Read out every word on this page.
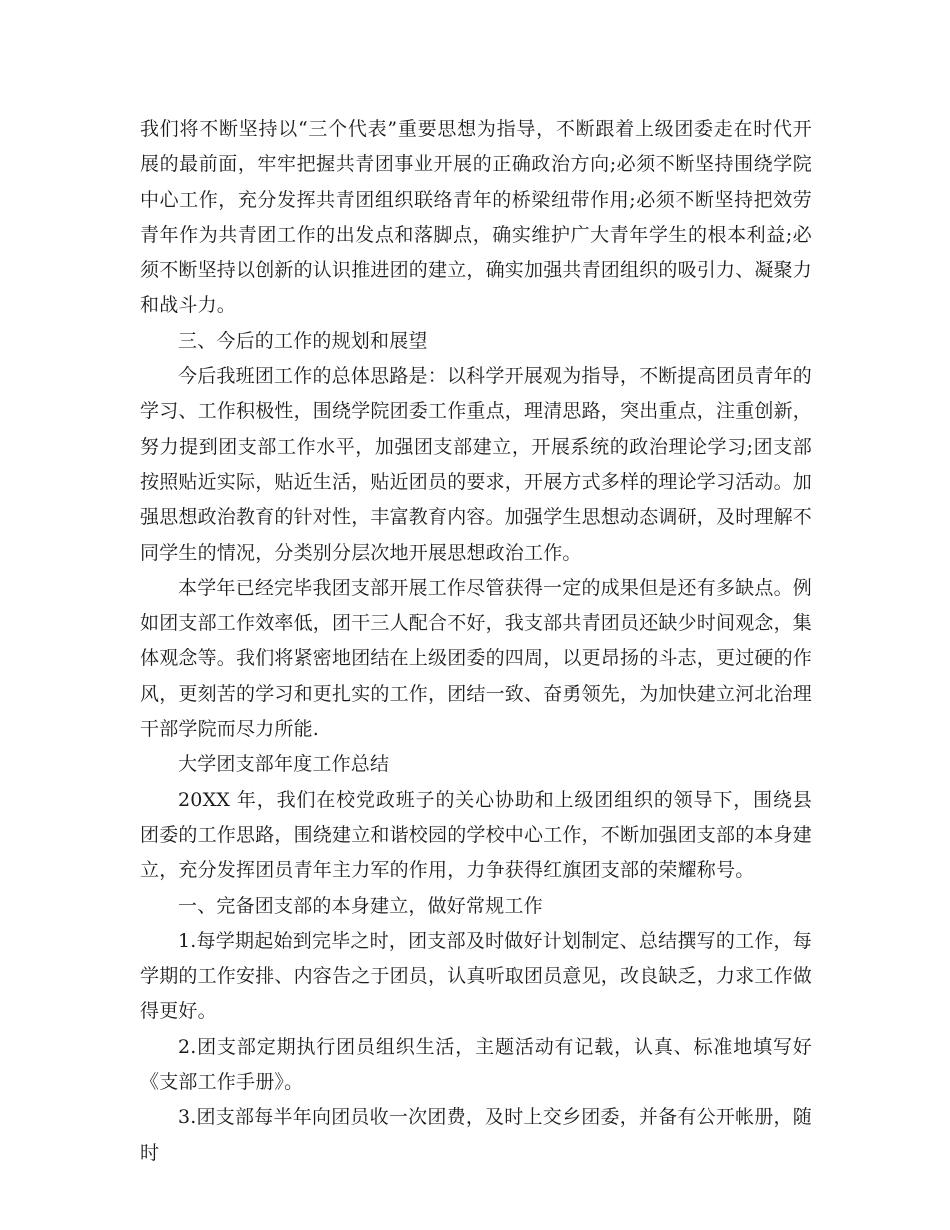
我们将不断坚持以“三个代表”重要思想为指导，不断跟着上级团委走在时代开展的最前面，牢牢把握共青团事业开展的正确政治方向;必须不断坚持围绕学院中心工作，充分发挥共青团组织联络青年的桥梁纽带作用;必须不断坚持把效劳青年作为共青团工作的出发点和落脚点，确实维护广大青年学生的根本利益;必须不断坚持以创新的认识推进团的建立，确实加强共青团组织的吸引力、凝聚力和战斗力。

三、今后的工作的规划和展望

今后我班团工作的总体思路是：以科学开展观为指导，不断提高团员青年的学习、工作积极性，围绕学院团委工作重点，理清思路，突出重点，注重创新，努力提到团支部工作水平，加强团支部建立，开展系统的政治理论学习;团支部按照贴近实际，贴近生活，贴近团员的要求，开展方式多样的理论学习活动。加强思想政治教育的针对性，丰富教育内容。加强学生思想动态调研，及时理解不同学生的情况，分类别分层次地开展思想政治工作。

本学年已经完毕我团支部开展工作尽管获得一定的成果但是还有多缺点。例如团支部工作效率低，团干三人配合不好，我支部共青团员还缺少时间观念，集体观念等。我们将紧密地团结在上级团委的四周，以更昂扬的斗志，更过硬的作风，更刻苦的学习和更扎实的工作，团结一致、奋勇领先，为加快建立河北治理干部学院而尽力所能.

大学团支部年度工作总结

20XX 年，我们在校党政班子的关心协助和上级团组织的领导下，围绕县团委的工作思路，围绕建立和谐校园的学校中心工作，不断加强团支部的本身建立，充分发挥团员青年主力军的作用，力争获得红旗团支部的荣耀称号。

一、完备团支部的本身建立，做好常规工作

1.每学期起始到完毕之时，团支部及时做好计划制定、总结撰写的工作，每学期的工作安排、内容告之于团员，认真听取团员意见，改良缺乏，力求工作做得更好。

2.团支部定期执行团员组织生活，主题活动有记载，认真、标准地填写好《支部工作手册》。

3.团支部每半年向团员收一次团费，及时上交乡团委，并备有公开帐册，随时
